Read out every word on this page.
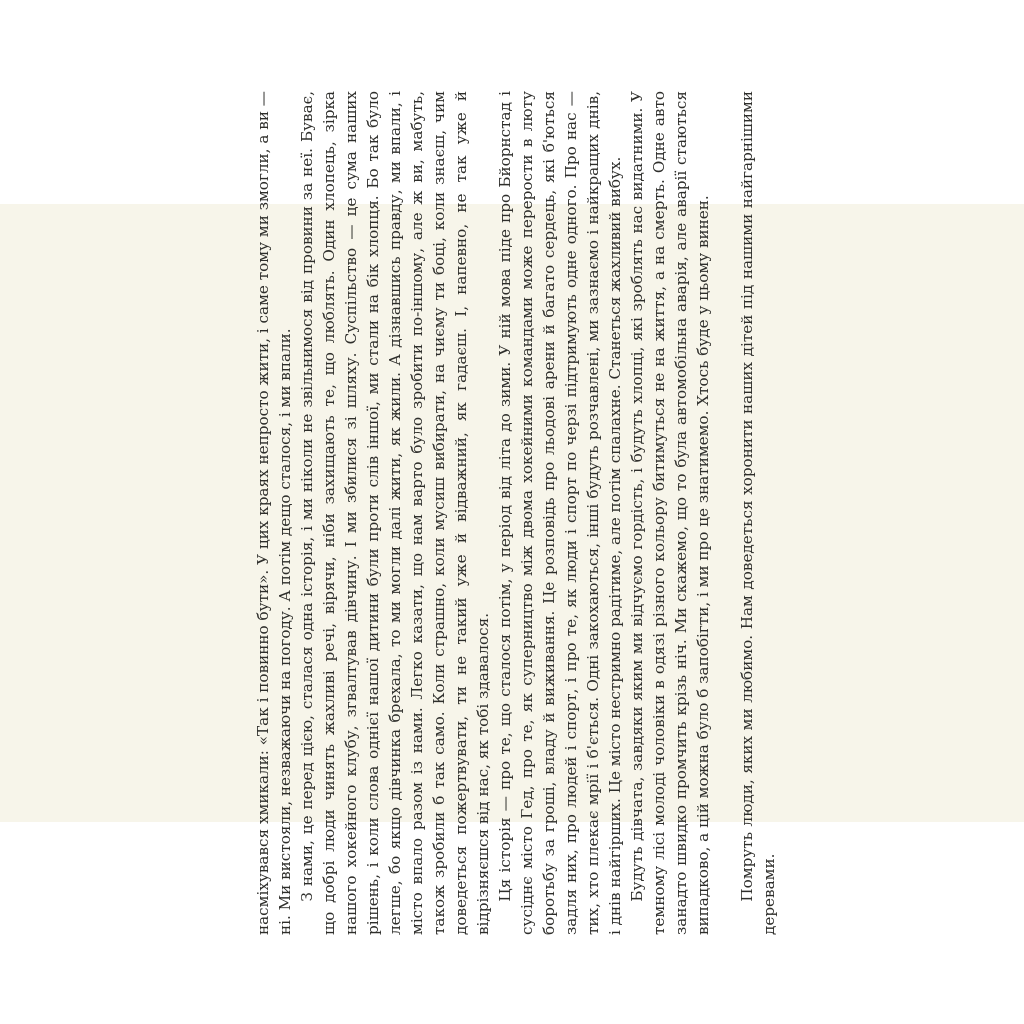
насміхувався хмикали: «Так і повинно бути». У цих краях непросто жити, і саме тому ми змогли, а ви — ні. Ми вистояли, незважаючи на погоду. А потім дещо сталося, і ми впали. З нами, це перед цією, сталася одна історія, і ми ніколи не звільнимося від провини за неї. Буває, що добрі люди чинять жахливі речі, вірячи, ніби захищають те, що люблять. Один хлопець, зірка нашого хокейного клубу, згвалтував дівчину. І ми збилися зі шляху. Суспільство — це сума наших рішень, і коли слова однієї нашої дитини були проти слів іншої, ми стали на бік хлопця. Бо так було легше, бо якщо дівчинка брехала, то ми могли далі жити, як жили. А дізнавшись правду, ми впали, і місто впало разом із нами. Легко казати, що нам варто було зробити по-іншому, але ж ви, мабуть, також зробили б так само. Коли страшно, коли мусиш вибирати, на чиєму ти боці, коли знаєш, чим доведеться пожертвувати, ти не такий уже й відважний, як гадаєш. І, напевно, не так уже й відрізняєшся від нас, як тобі здавалося. Ця історія — про те, що сталося потім, у період від літа до зими. У ній мова піде про Бйорнстад і сусіднє місто Гед, про те, як суперництво між двома хокейними командами може перерости в люту боротьбу за гроші, владу й виживання. Це розповідь про льодові арени й багато сердець, які б'ються задля них, про людей і спорт, і про те, як люди і спорт по черзі підтримують одне одного. Про нас — тих, хто плекає мрії і б'ється. Одні закохаються, інші будуть розчавлені, ми зазнаємо і найкращих днів, і днів найгірших. Це місто нестримно радітиме, але потім спалахне. Станеться жахливий вибух. Будуть дівчата, завдяки яким ми відчуємо гордість, і будуть хлопці, які зроблять нас видатними. У темному лісі молоді чоловіки в одязі різного кольору битимуться не на життя, а на смерть. Одне авто занадто швидко промчить крізь ніч. Ми скажемо, що то була автомобільна аварія, але аварії стаються випадково, а цій можна було б запобігти, і ми про це знатимемо. Хтось буде у цьому винен. Помруть люди, яких ми любимо. Нам доведеться хоронити наших дітей під нашими найгарнішими деревами.
